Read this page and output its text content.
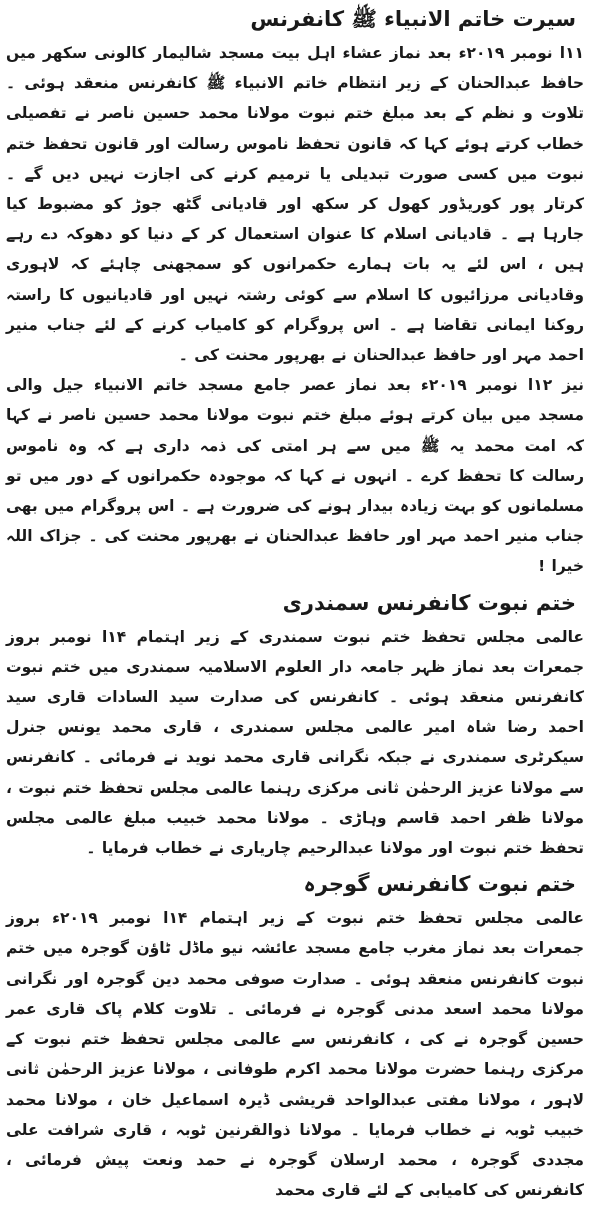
سیرت خاتم الانبیاء ﷺ کانفرنس

۱۱ا نومبر ۲۰۱۹ء بعد نماز عشاء اہل بیت مسجد شالیمار کالونی سکھر میں حافظ عبدالحنان کے زیر انتظام خاتم الانبیاء ﷺ کانفرنس منعقد ہوئی ۔ تلاوت و نظم کے بعد مبلغ ختم نبوت مولانا محمد حسین ناصر نے تفصیلی خطاب کرتے ہوئے کہا کہ قانون تحفظ ناموس رسالت اور قانون تحفظ ختم نبوت میں کسی صورت تبدیلی یا ترمیم کرنے کی اجازت نہیں دیں گے ۔ کرتار پور کوریڈور کھول کر سکھ اور قادیانی گٹھ جوڑ کو مضبوط کیا جارہا ہے ۔ قادیانی اسلام کا عنوان استعمال کر کے دنیا کو دھوکہ دے رہے ہیں ، اس لئے یہ بات ہمارے حکمرانوں کو سمجھنی چاہئے کہ لاہوری وقادیانی مرزائیوں کا اسلام سے کوئی رشتہ نہیں اور قادیانیوں کا راستہ روکنا ایمانی تقاضا ہے ۔ اس پروگرام کو کامیاب کرنے کے لئے جناب منیر احمد مہر اور حافظ عبدالحنان نے بھرپور محنت کی ۔

نیز ۱۲ا نومبر ۲۰۱۹ء بعد نماز عصر جامع مسجد خاتم الانبیاء جیل والی مسجد میں بیان کرتے ہوئے مبلغ ختم نبوت مولانا محمد حسین ناصر نے کہا کہ امت محمد یہ ﷺ میں سے ہر امتی کی ذمہ داری ہے کہ وہ ناموس رسالت کا تحفظ کرے ۔ انہوں نے کہا کہ موجودہ حکمرانوں کے دور میں تو مسلمانوں کو بہت زیادہ بیدار ہونے کی ضرورت ہے ۔ اس پروگرام میں بھی جناب منیر احمد مہر اور حافظ عبدالحنان نے بھرپور محنت کی ۔ جزاک اللہ خیرا !

ختم نبوت کانفرنس سمندری

عالمی مجلس تحفظ ختم نبوت سمندری کے زیر اہتمام ۱۴ا نومبر بروز جمعرات بعد نماز ظہر جامعہ دار العلوم الاسلامیہ سمندری میں ختم نبوت کانفرنس منعقد ہوئی ۔ کانفرنس کی صدارت سید السادات قاری سید احمد رضا شاہ امیر عالمی مجلس سمندری ، قاری محمد یونس جنرل سیکرٹری سمندری نے جبکہ نگرانی قاری محمد نوید نے فرمائی ۔ کانفرنس سے مولانا عزیز الرحمٰن ثانی مرکزی رہنما عالمی مجلس تحفظ ختم نبوت ، مولانا ظفر احمد قاسم وہاڑی ۔ مولانا محمد خبیب مبلغ عالمی مجلس تحفظ ختم نبوت اور مولانا عبدالرحیم چاریاری نے خطاب فرمایا ۔

ختم نبوت کانفرنس گوجرہ

عالمی مجلس تحفظ ختم نبوت کے زیر اہتمام ۱۴ا نومبر ۲۰۱۹ء بروز جمعرات بعد نماز مغرب جامع مسجد عائشہ نیو ماڈل ٹاؤن گوجرہ میں ختم نبوت کانفرنس منعقد ہوئی ۔ صدارت صوفی محمد دین گوجرہ اور نگرانی مولانا محمد اسعد مدنی گوجرہ نے فرمائی ۔ تلاوت کلام پاک قاری عمر حسین گوجرہ نے کی ، کانفرنس سے عالمی مجلس تحفظ ختم نبوت کے مرکزی رہنما حضرت مولانا محمد اکرم طوفانی ، مولانا عزیز الرحمٰن ثانی لاہور ، مولانا مفتی عبدالواحد قریشی ڈیرہ اسماعیل خان ، مولانا محمد خبیب ٹوبہ نے خطاب فرمایا ۔ مولانا ذوالقرنین ٹوبہ ، قاری شرافت علی مجددی گوجرہ ، محمد ارسلان گوجرہ نے حمد ونعت پیش فرمائی ، کانفرنس کی کامیابی کے لئے قاری محمد
